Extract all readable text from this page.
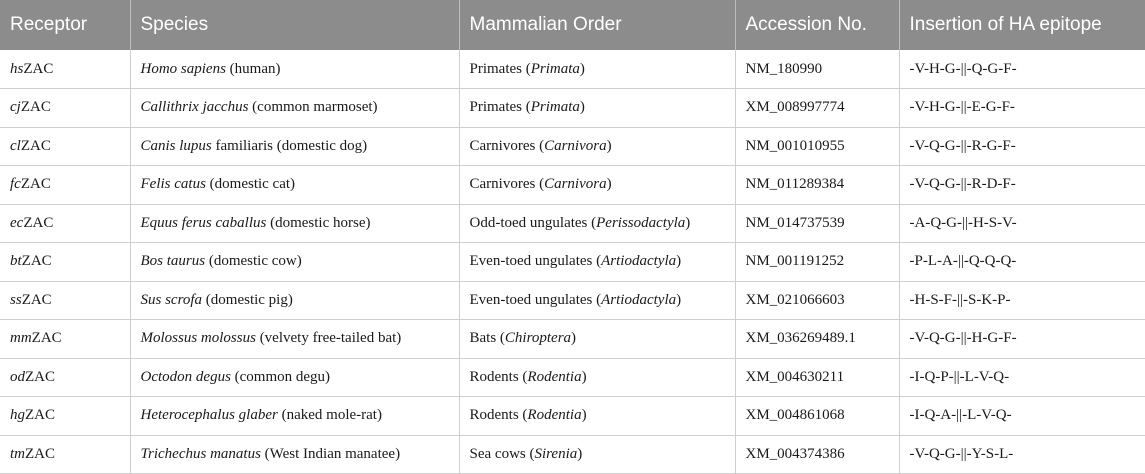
Receptor	Species	Mammalian Order	Accession No.	Insertion of HA epitope
hsZAC	Homo sapiens (human)	Primates (Primata)	NM_180990	-V-H-G-||-Q-G-F-
cjZAC	Callithrix jacchus (common marmoset)	Primates (Primata)	XM_008997774	-V-H-G-||-E-G-F-
clZAC	Canis lupus familiaris (domestic dog)	Carnivores (Carnivora)	NM_001010955	-V-Q-G-||-R-G-F-
fcZAC	Felis catus (domestic cat)	Carnivores (Carnivora)	NM_011289384	-V-Q-G-||-R-D-F-
ecZAC	Equus ferus caballus (domestic horse)	Odd-toed ungulates (Perissodactyla)	NM_014737539	-A-Q-G-||-H-S-V-
btZAC	Bos taurus (domestic cow)	Even-toed ungulates (Artiodactyla)	NM_001191252	-P-L-A-||-Q-Q-Q-
ssZAC	Sus scrofa (domestic pig)	Even-toed ungulates (Artiodactyla)	XM_021066603	-H-S-F-||-S-K-P-
mmZAC	Molossus molossus (velvety free-tailed bat)	Bats (Chiroptera)	XM_036269489.1	-V-Q-G-||-H-G-F-
odZAC	Octodon degus (common degu)	Rodents (Rodentia)	XM_004630211	-I-Q-P-||-L-V-Q-
hgZAC	Heterocephalus glaber (naked mole-rat)	Rodents (Rodentia)	XM_004861068	-I-Q-A-||-L-V-Q-
tmZAC	Trichechus manatus (West Indian manatee)	Sea cows (Sirenia)	XM_004374386	-V-Q-G-||-Y-S-L-
